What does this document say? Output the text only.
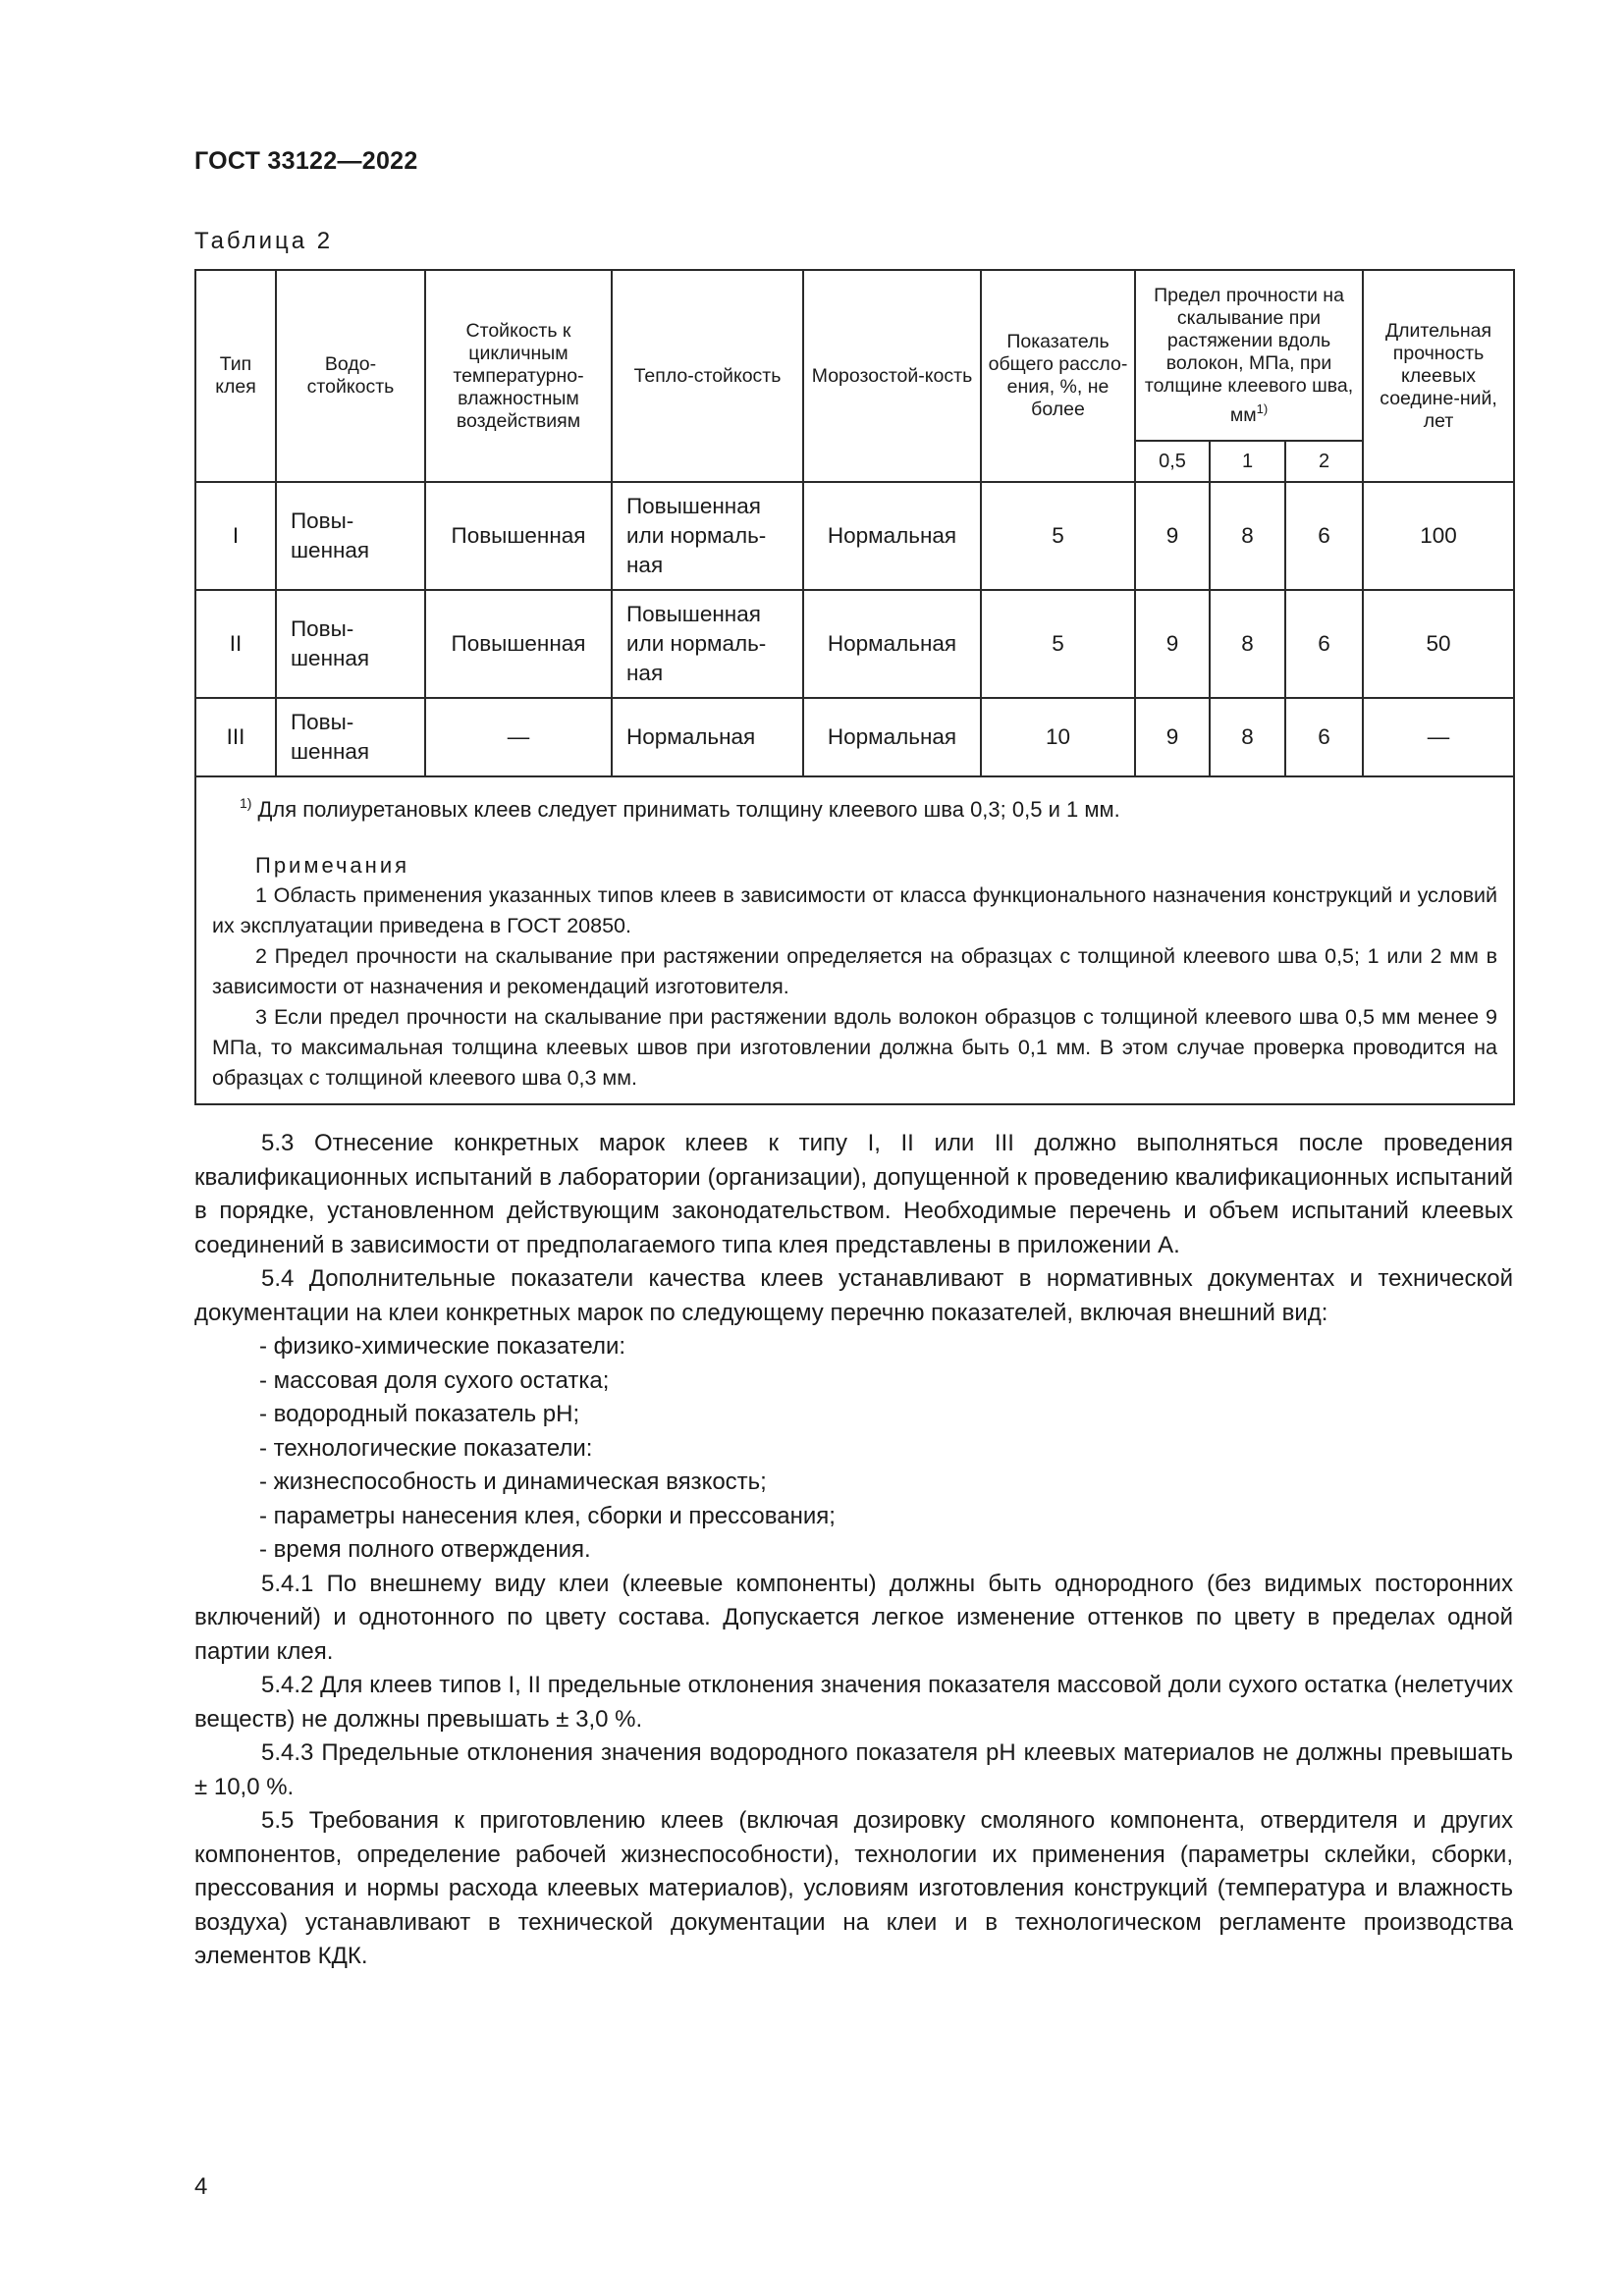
ГОСТ 33122—2022
Таблица 2
Тип клея	Водо-стойкость	Стойкость к цикличным температурно-влажностным воздействиям	Тепло-стойкость	Морозостой-кость	Показатель общего рассло-ения, %, не более	Предел прочности на скалывание при растяжении вдоль волокон, МПа, при толщине клеевого шва, $мм^{1)}$			Длительная прочность клеевых соедине-ний, лет
						0,5	1	2	
I	Повы-шенная	Повышенная	Повышенная или нормаль-ная	Нормальная	5	9	8	6	100
II	Повы-шенная	Повышенная	Повышенная или нормаль-ная	Нормальная	5	9	8	6	50
III	Повы-шенная	—	Нормальная	Нормальная	10	9	8	6	—

$^{1)}$ Для полиуретановых клеев следует принимать толщину клеевого шва 0,3; 0,5 и 1 мм.
Примечания

1 Область применения указанных типов клеев в зависимости от класса функционального назначения конструкций и условий их эксплуатации приведена в ГОСТ 20850.

2 Предел прочности на скалывание при растяжении определяется на образцах с толщиной клеевого шва 0,5; 1 или 2 мм в зависимости от назначения и рекомендаций изготовителя.

3 Если предел прочности на скалывание при растяжении вдоль волокон образцов с толщиной клеевого шва 0,5 мм менее 9 МПа, то максимальная толщина клеевых швов при изготовлении должна быть 0,1 мм. В этом случае проверка проводится на образцах с толщиной клеевого шва 0,3 мм.									

5.3 Отнесение конкретных марок клеев к типу I, II или III должно выполняться после проведения квалификационных испытаний в лаборатории (организации), допущенной к проведению квалификационных испытаний в порядке, установленном действующим законодательством. Необходимые перечень и объем испытаний клеевых соединений в зависимости от предполагаемого типа клея представлены в приложении А.

5.4 Дополнительные показатели качества клеев устанавливают в нормативных документах и технической документации на клеи конкретных марок по следующему перечню показателей, включая внешний вид:

- физико-химические показатели:
- массовая доля сухого остатка;
- водородный показатель pH;
- технологические показатели:
- жизнеспособность и динамическая вязкость;
- параметры нанесения клея, сборки и прессования;
- время полного отверждения.

5.4.1 По внешнему виду клеи (клеевые компоненты) должны быть однородного (без видимых посторонних включений) и однотонного по цвету состава. Допускается легкое изменение оттенков по цвету в пределах одной партии клея.

5.4.2 Для клеев типов I, II предельные отклонения значения показателя массовой доли сухого остатка (нелетучих веществ) не должны превышать ± 3,0 %.

5.4.3 Предельные отклонения значения водородного показателя pH клеевых материалов не должны превышать ± 10,0 %.

5.5 Требования к приготовлению клеев (включая дозировку смоляного компонента, отвердителя и других компонентов, определение рабочей жизнеспособности), технологии их применения (параметры склейки, сборки, прессования и нормы расхода клеевых материалов), условиям изготовления конструкций (температура и влажность воздуха) устанавливают в технической документации на клеи и в технологическом регламенте производства элементов КДК.

4
